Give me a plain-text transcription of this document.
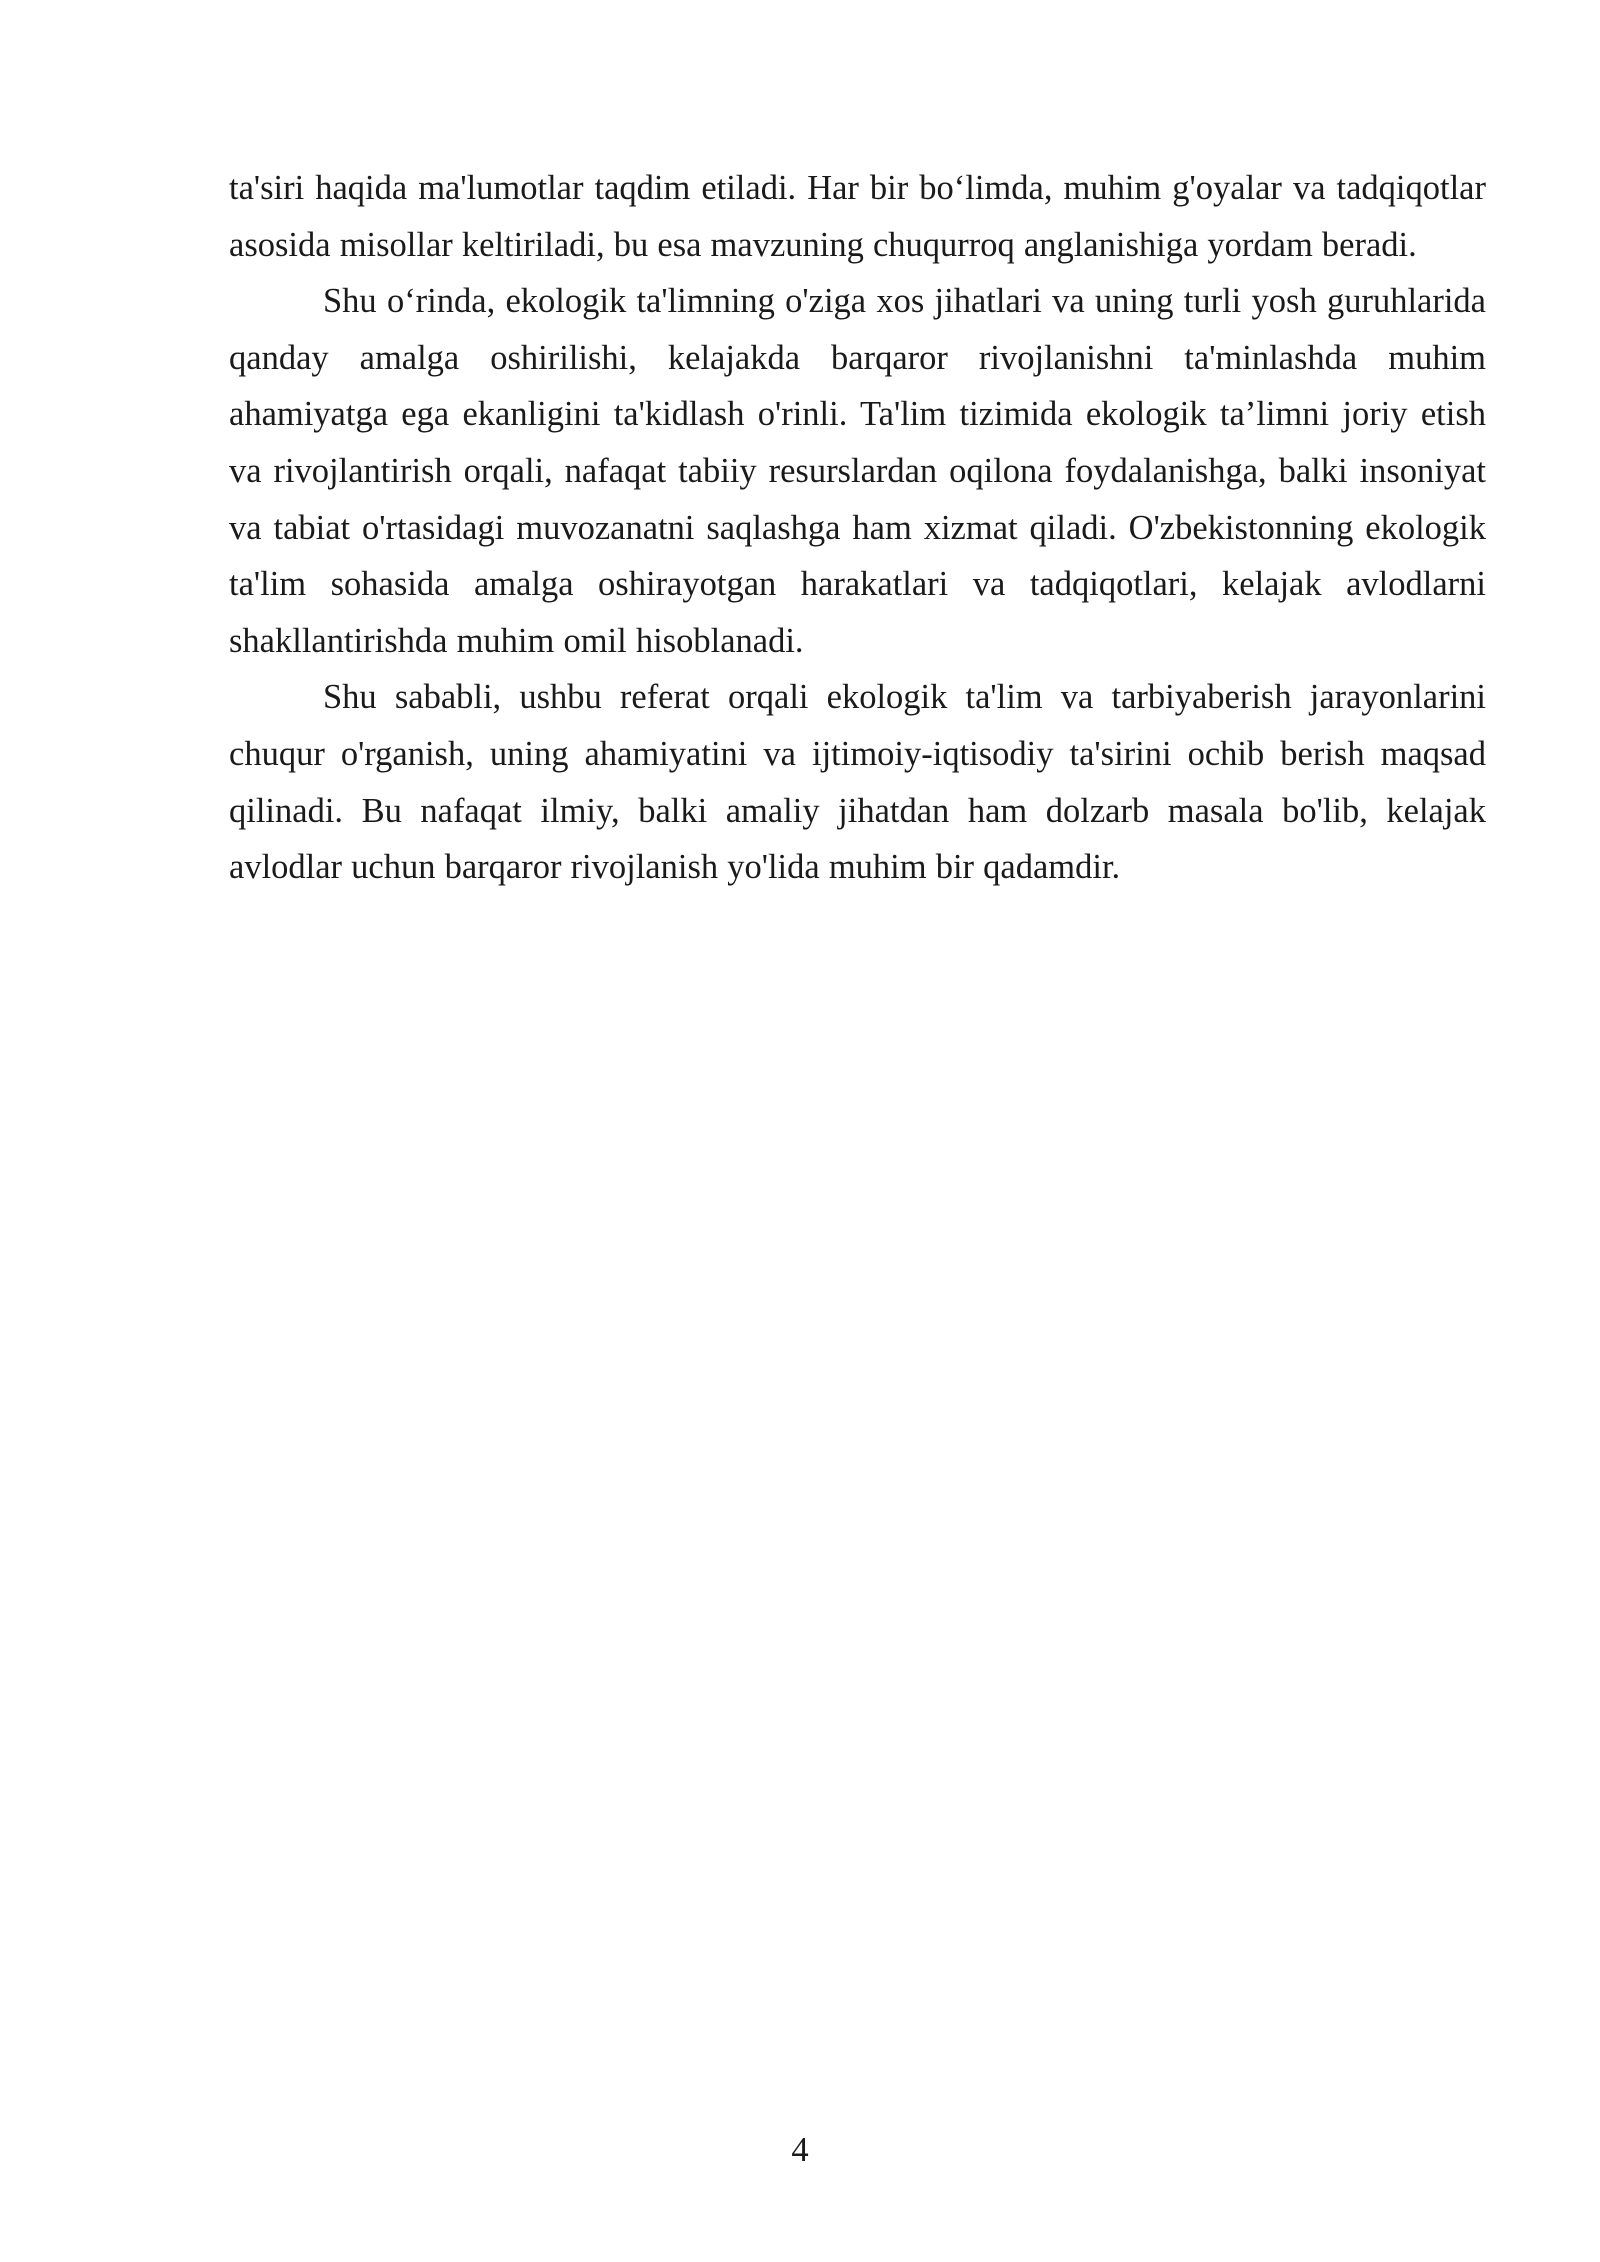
ta'siri haqida ma'lumotlar taqdim etiladi. Har bir bo‘limda, muhim g'oyalar va tadqiqotlar asosida misollar keltiriladi, bu esa mavzuning chuqurroq anglanishiga yordam beradi.

Shu o‘rinda, ekologik ta'limning o'ziga xos jihatlari va uning turli yosh guruhlarida qanday amalga oshirilishi, kelajakda barqaror rivojlanishni ta'minlashda muhim ahamiyatga ega ekanligini ta'kidlash o'rinli. Ta'lim tizimida ekologik ta’limni joriy etish va rivojlantirish orqali, nafaqat tabiiy resurslardan oqilona foydalanishga, balki insoniyat va tabiat o'rtasidagi muvozanatni saqlashga ham xizmat qiladi. O'zbekistonning ekologik ta'lim sohasida amalga oshirayotgan harakatlari va tadqiqotlari, kelajak avlodlarni shakllantirishda muhim omil hisoblanadi.

Shu sababli, ushbu referat orqali ekologik ta'lim va tarbiyaberish jarayonlarini chuqur o'rganish, uning ahamiyatini va ijtimoiy-iqtisodiy ta'sirini ochib berish maqsad qilinadi. Bu nafaqat ilmiy, balki amaliy jihatdan ham dolzarb masala bo'lib, kelajak avlodlar uchun barqaror rivojlanish yo'lida muhim bir qadamdir.

4
